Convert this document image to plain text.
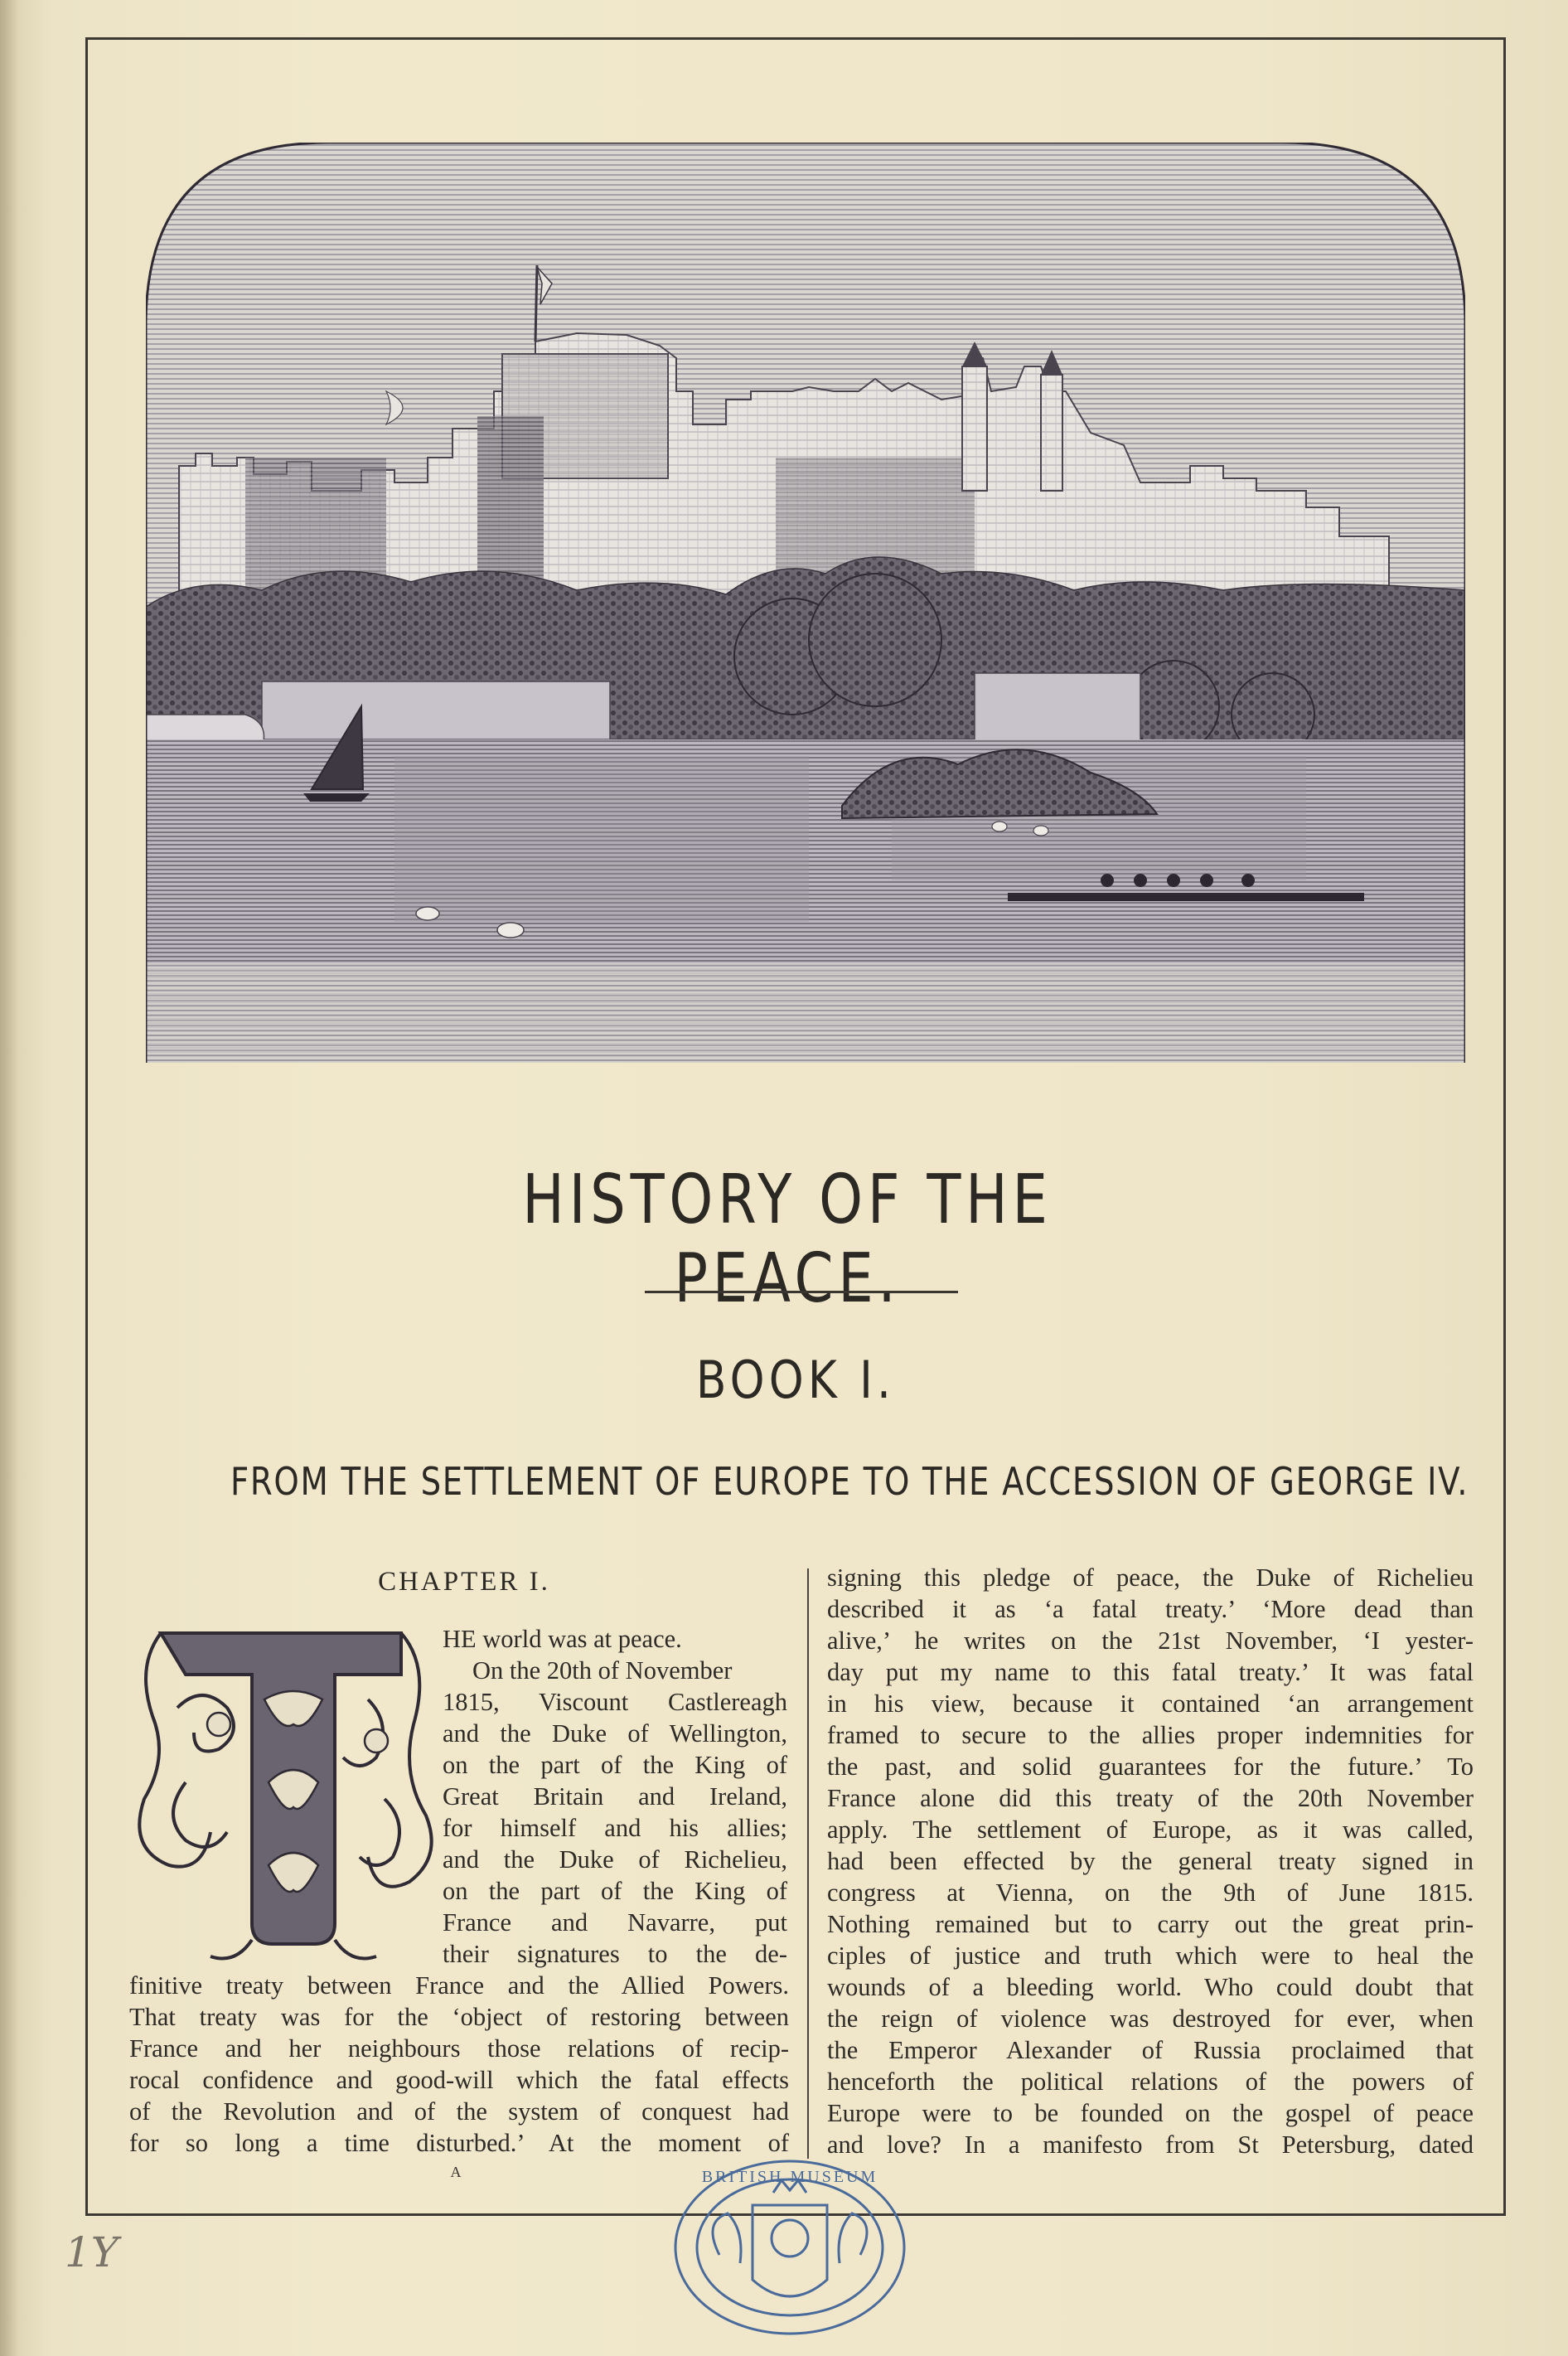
HISTORY OF THE PEACE.
BOOK I.
FROM THE SETTLEMENT OF EUROPE TO THE ACCESSION OF GEORGE IV.
CHAPTER I.
HE world was at peace.
On the 20th of November
1815, Viscount Castlereagh
and the Duke of Wellington,
on the part of the King of
Great Britain and Ireland,
for himself and his allies;
and the Duke of Richelieu,
on the part of the King of
France and Navarre, put
their signatures to the de-
finitive treaty between France and the Allied Powers.
That treaty was for the ‘object of restoring between
France and her neighbours those relations of recip-
rocal confidence and good-will which the fatal effects
of the Revolution and of the system of conquest had
for so long a time disturbed.’ At the moment of
signing this pledge of peace, the Duke of Richelieu
described it as ‘a fatal treaty.’ ‘More dead than
alive,’ he writes on the 21st November, ‘I yester-
day put my name to this fatal treaty.’ It was fatal
in his view, because it contained ‘an arrangement
framed to secure to the allies proper indemnities for
the past, and solid guarantees for the future.’ To
France alone did this treaty of the 20th November
apply. The settlement of Europe, as it was called,
had been effected by the general treaty signed in
congress at Vienna, on the 9th of June 1815.
Nothing remained but to carry out the great prin-
ciples of justice and truth which were to heal the
wounds of a bleeding world. Who could doubt that
the reign of violence was destroyed for ever, when
the Emperor Alexander of Russia proclaimed that
henceforth the political relations of the powers of
Europe were to be founded on the gospel of peace
and love? In a manifesto from St Petersburg, dated
A	BRITISH MUSEUM
1Y
